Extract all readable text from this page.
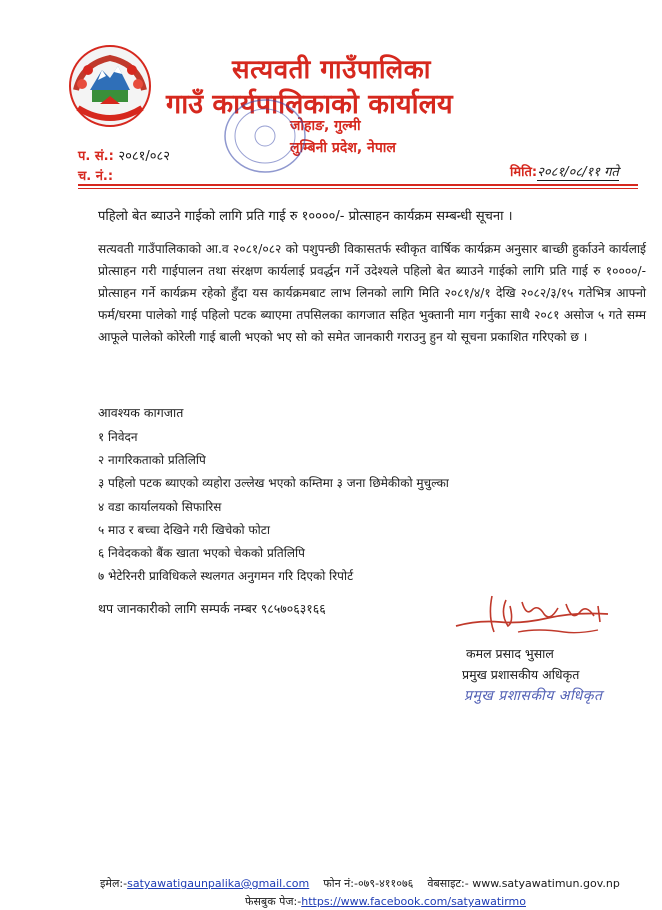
सत्यवती गाउँपालिका
गाउँ कार्यपालिकाको कार्यालय
जोहाङ, गुल्मी
लुम्बिनी प्रदेश, नेपाल
प. सं.: २०८१/०८२
च. नं.:	मिति:२०८१/०८/११ गते
पहिलो बेत ब्याउने गाईको लागि प्रति गाई रु १००००/- प्रोत्साहन कार्यक्रम सम्बन्धी सूचना ।
सत्यवती गाउँपालिकाको आ.व २०८१/०८२ को पशुपन्छी विकासतर्फ स्वीकृत वार्षिक कार्यक्रम अनुसार बाच्छी हुर्काउने कार्यलाई प्रोत्साहन गरी गाईपालन तथा संरक्षण कार्यलाई प्रवर्द्धन गर्ने उदेश्यले पहिलो बेत ब्याउने गाईको लागि प्रति गाई रु १००००/-प्रोत्साहन गर्ने कार्यक्रम रहेको हुँदा यस कार्यक्रमबाट लाभ लिनको लागि मिति २०८१/४/१ देखि २०८२/३/१५ गतेभित्र आफ्नो फर्म/घरमा पालेको गाई पहिलो पटक ब्याएमा तपसिलका कागजात सहित भुक्तानी माग गर्नुका साथै २०८१ असोज ५ गते सम्म आफूले पालेको कोरेली गाई बाली भएको भए सो को समेत जानकारी गराउनु हुन यो सूचना प्रकाशित गरिएको छ ।
आवश्यक कागजात
१ निवेदन
२ नागरिकताको प्रतिलिपि
३ पहिलो पटक ब्याएको व्यहोरा उल्लेख भएको कम्तिमा ३ जना छिमेकीको मुचुल्का
४ वडा कार्यालयको सिफारिस
५ माउ र बच्चा देखिने गरी खिचेको फोटा
६ निवेदकको बैंक खाता भएको चेकको प्रतिलिपि
७ भेटेरिनरी प्राविधिकले स्थलगत अनुगमन गरि दिएको रिपोर्ट
थप जानकारीको लागि सम्पर्क नम्बर ९८५७०६३१६६
कमल प्रसाद भुसाल
प्रमुख प्रशासकीय अधिकृत
प्रमुख प्रशासकीय अधिकृत
इमेल:-satyawatigaunpalika@gmail.com फोन नं:-०७९-४११०७६ वेबसाइट:- www.satyawatimun.gov.np
फेसबुक पेज:-https://www.facebook.com/satyawatirmo
